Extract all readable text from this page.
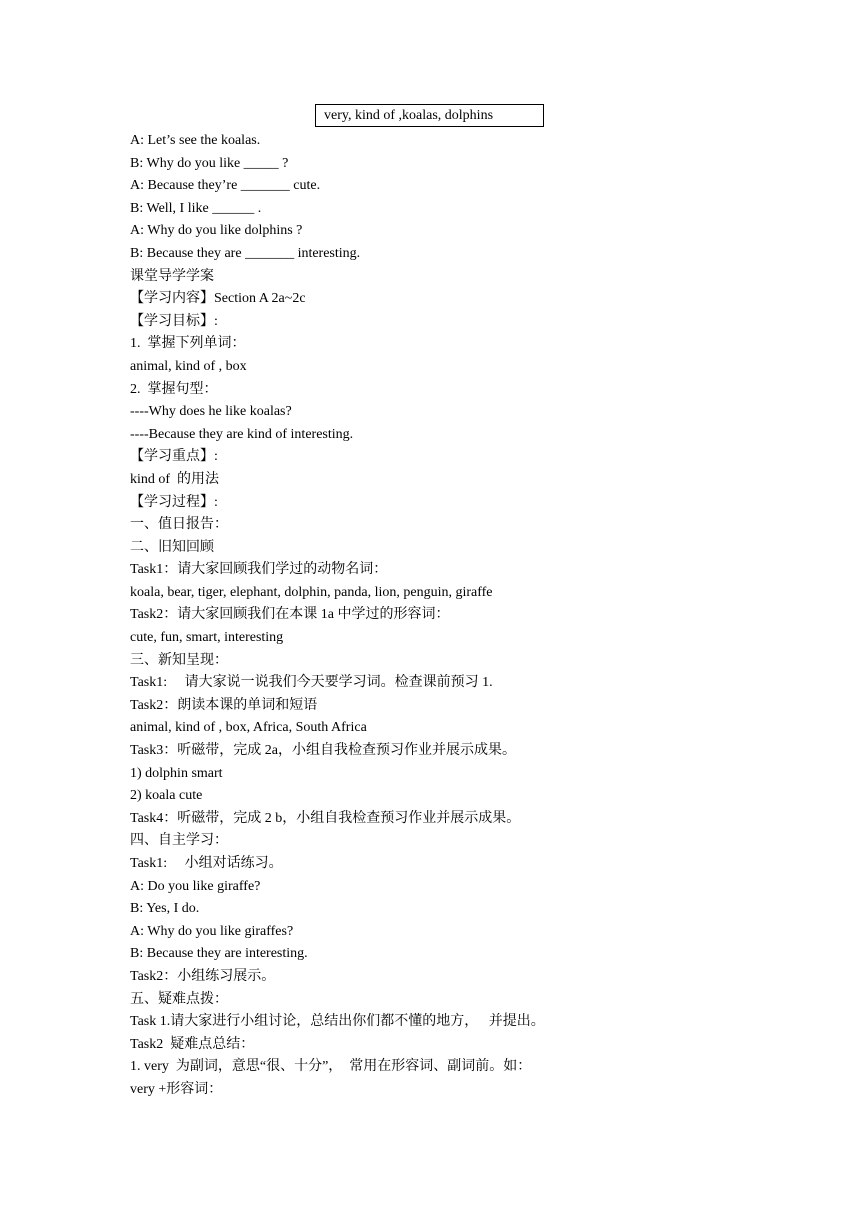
very, kind of ,koalas, dolphins
A: Let’s see the koalas.
B: Why do you like _____ ?
A: Because they’re _______ cute.
B: Well, I like ______ .
A: Why do you like dolphins ?
B: Because they are _______ interesting.
课堂导学学案
【学习内容】Section A 2a~2c
【学习目标】:
1.  掌握下列单词：
animal, kind of , box
2.  掌握句型：
----Why does he like koalas?
----Because they are kind of interesting.
【学习重点】:
kind of  的用法
【学习过程】:
一、值日报告：
二、旧知回顾
Task1：请大家回顾我们学过的动物名词：
koala, bear, tiger, elephant, dolphin, panda, lion, penguin, giraffe
Task2：请大家回顾我们在本课 1a 中学过的形容词：
cute, fun, smart, interesting
三、新知呈现：
Task1:     请大家说一说我们今天要学习词。检查课前预习 1.
Task2：朗读本课的单词和短语
animal, kind of , box, Africa, South Africa
Task3：听磁带，完成 2a，小组自我检查预习作业并展示成果。
1) dolphin smart
2) koala cute
Task4：听磁带，完成 2 b，小组自我检查预习作业并展示成果。
四、自主学习：
Task1:     小组对话练习。
A: Do you like giraffe?
B: Yes, I do.
A: Why do you like giraffes?
B: Because they are interesting.
Task2：小组练习展示。
五、疑难点拨：
Task 1.请大家进行小组讨论，总结出你们都不懂的地方，   并提出。
Task2  疑难点总结：
1. very  为副词，意思“很、十分”，  常用在形容词、副词前。如：
very +形容词：
